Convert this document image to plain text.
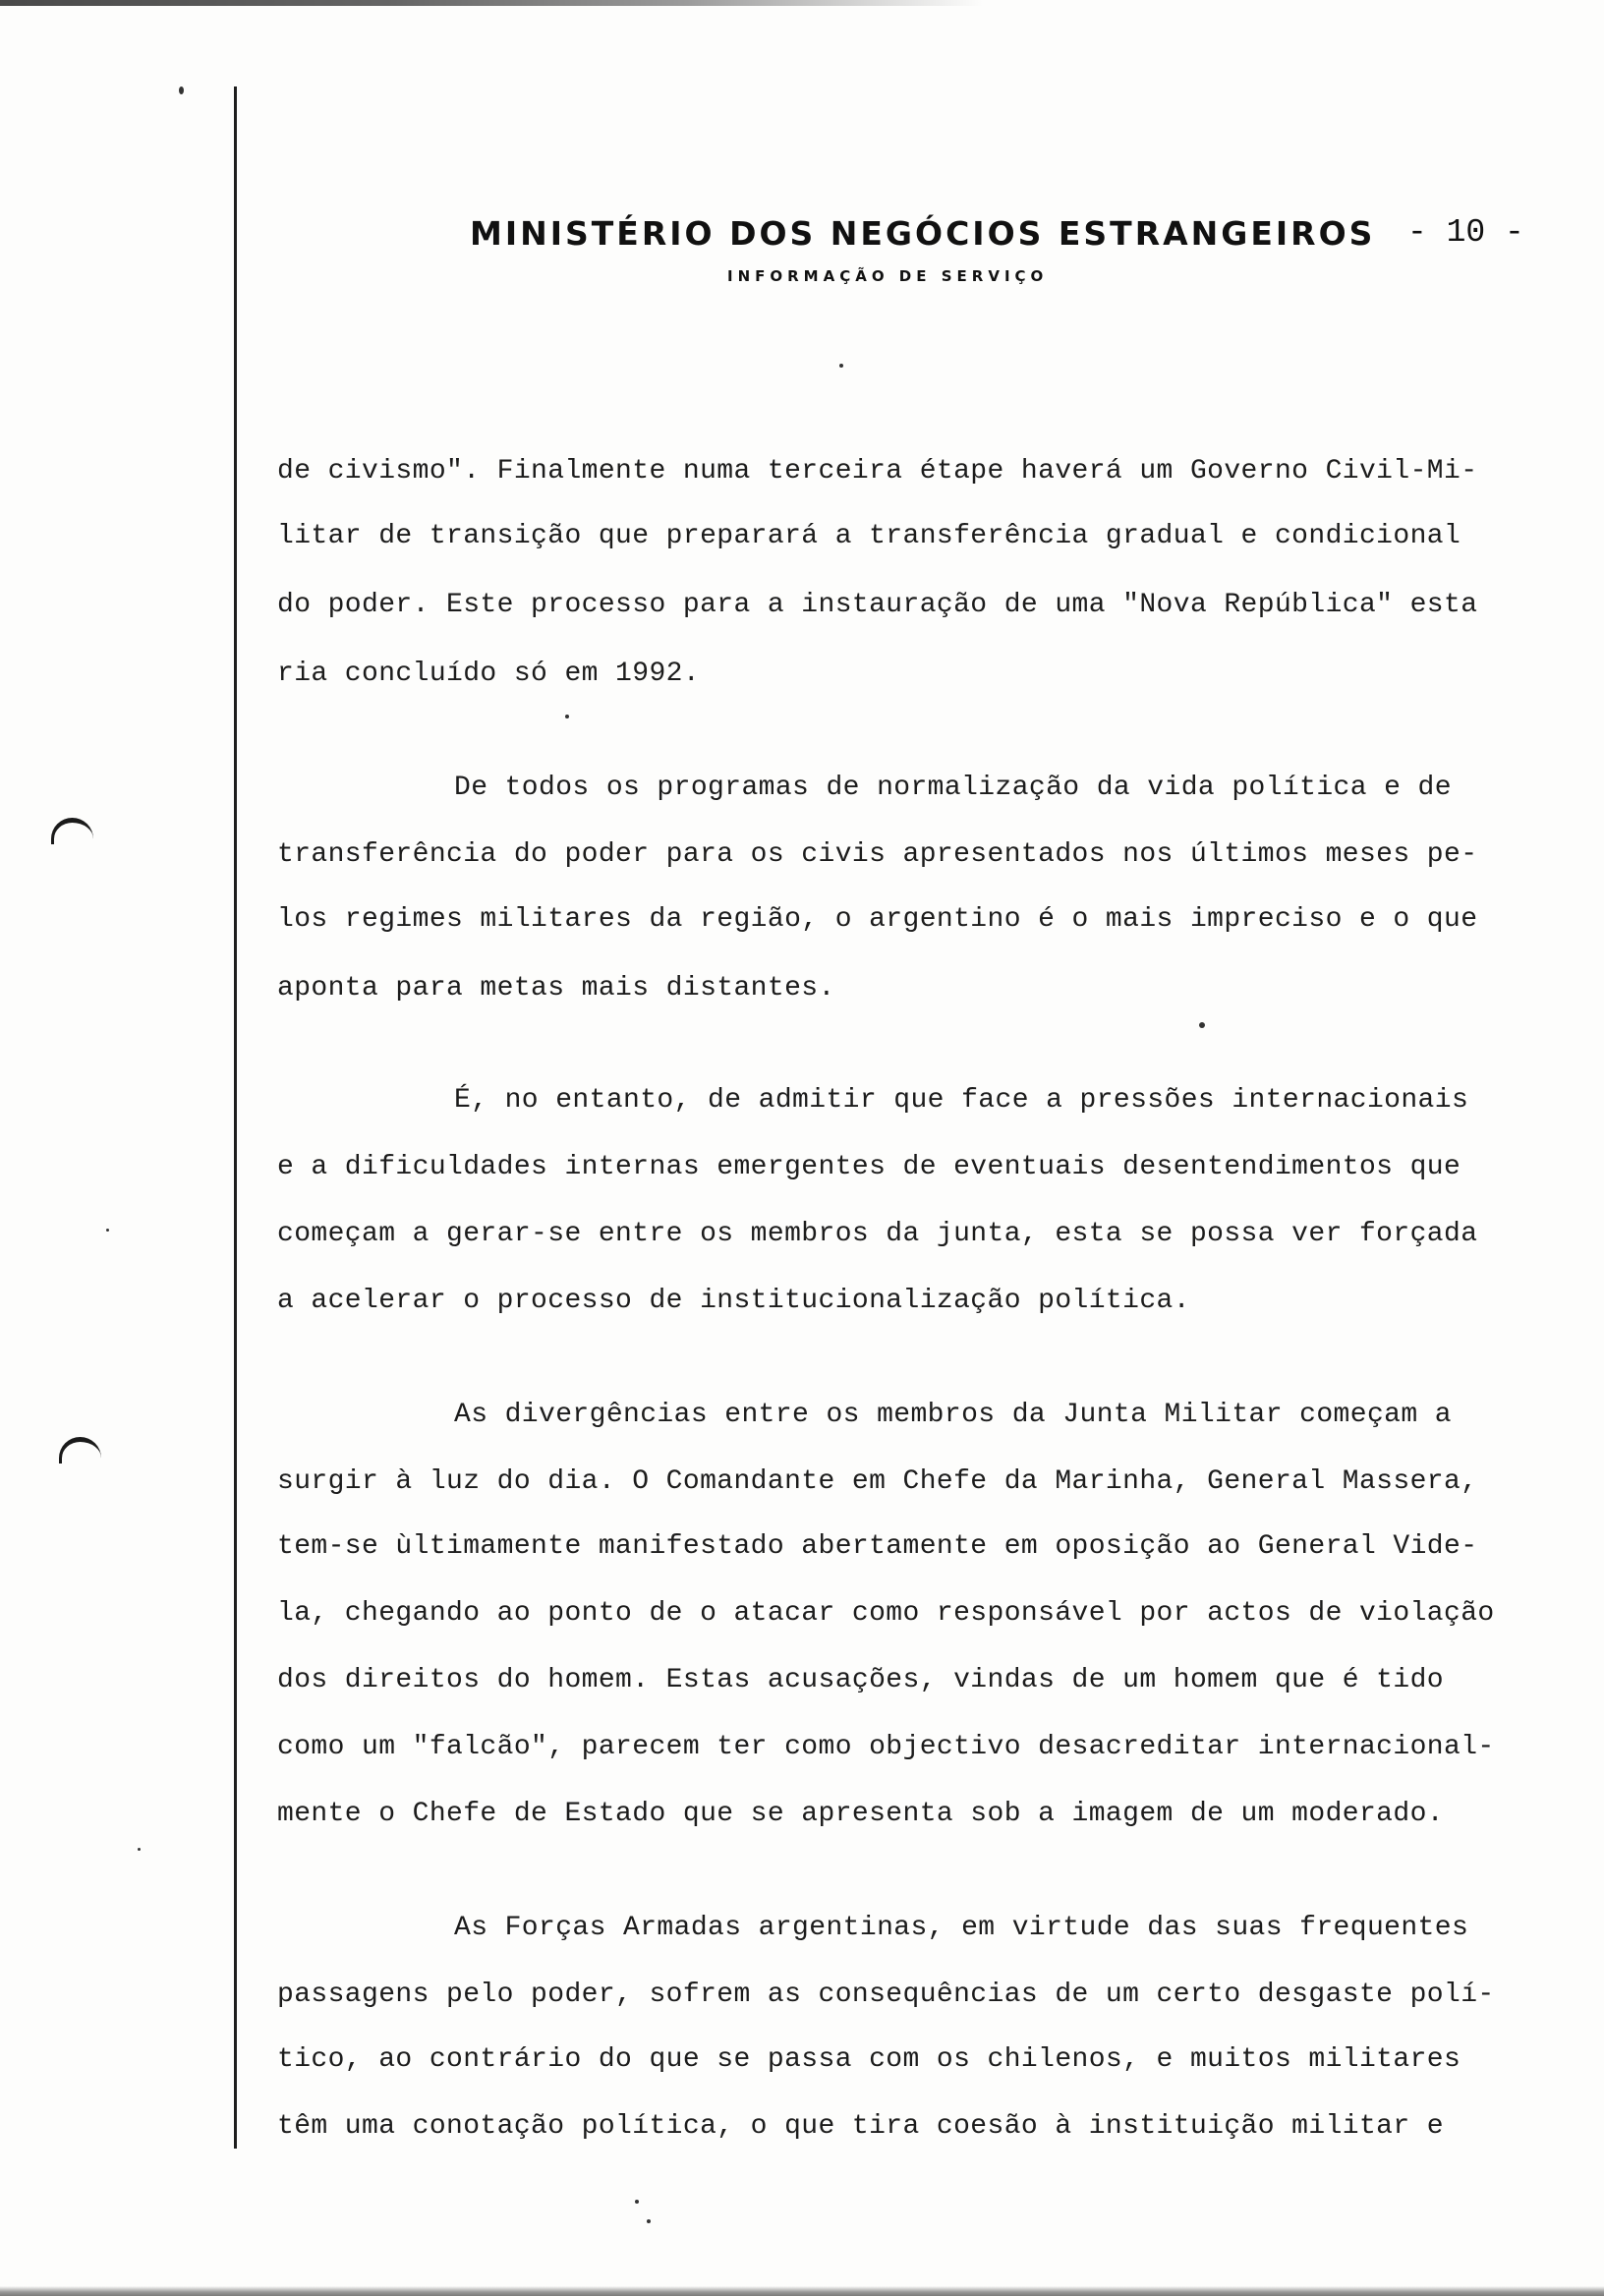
MINISTÉRIO DOS NEGÓCIOS ESTRANGEIROS - 10 -
INFORMAÇÃO DE SERVIÇO
de civismo". Finalmente numa terceira étape haverá um Governo Civil-Mi-
litar de transição que preparará a transferência gradual e condicional
do poder. Este processo para a instauração de uma "Nova República" esta
ria concluído só em 1992.
De todos os programas de normalização da vida política e de
transferência do poder para os civis apresentados nos últimos meses pe-
los regimes militares da região, o argentino é o mais impreciso e o que
aponta para metas mais distantes.
É, no entanto, de admitir que face a pressões internacionais
e a dificuldades internas emergentes de eventuais desentendimentos que
começam a gerar-se entre os membros da junta, esta se possa ver forçada
a acelerar o processo de institucionalização política.
As divergências entre os membros da Junta Militar começam a
surgir à luz do dia. O Comandante em Chefe da Marinha, General Massera,
tem-se ùltimamente manifestado abertamente em oposição ao General Vide-
la, chegando ao ponto de o atacar como responsável por actos de violação
dos direitos do homem. Estas acusações, vindas de um homem que é tido
como um "falcão", parecem ter como objectivo desacreditar internacional-
mente o Chefe de Estado que se apresenta sob a imagem de um moderado.
As Forças Armadas argentinas, em virtude das suas frequentes
passagens pelo poder, sofrem as consequências de um certo desgaste polí-
tico, ao contrário do que se passa com os chilenos, e muitos militares
têm uma conotação política, o que tira coesão à instituição militar e
